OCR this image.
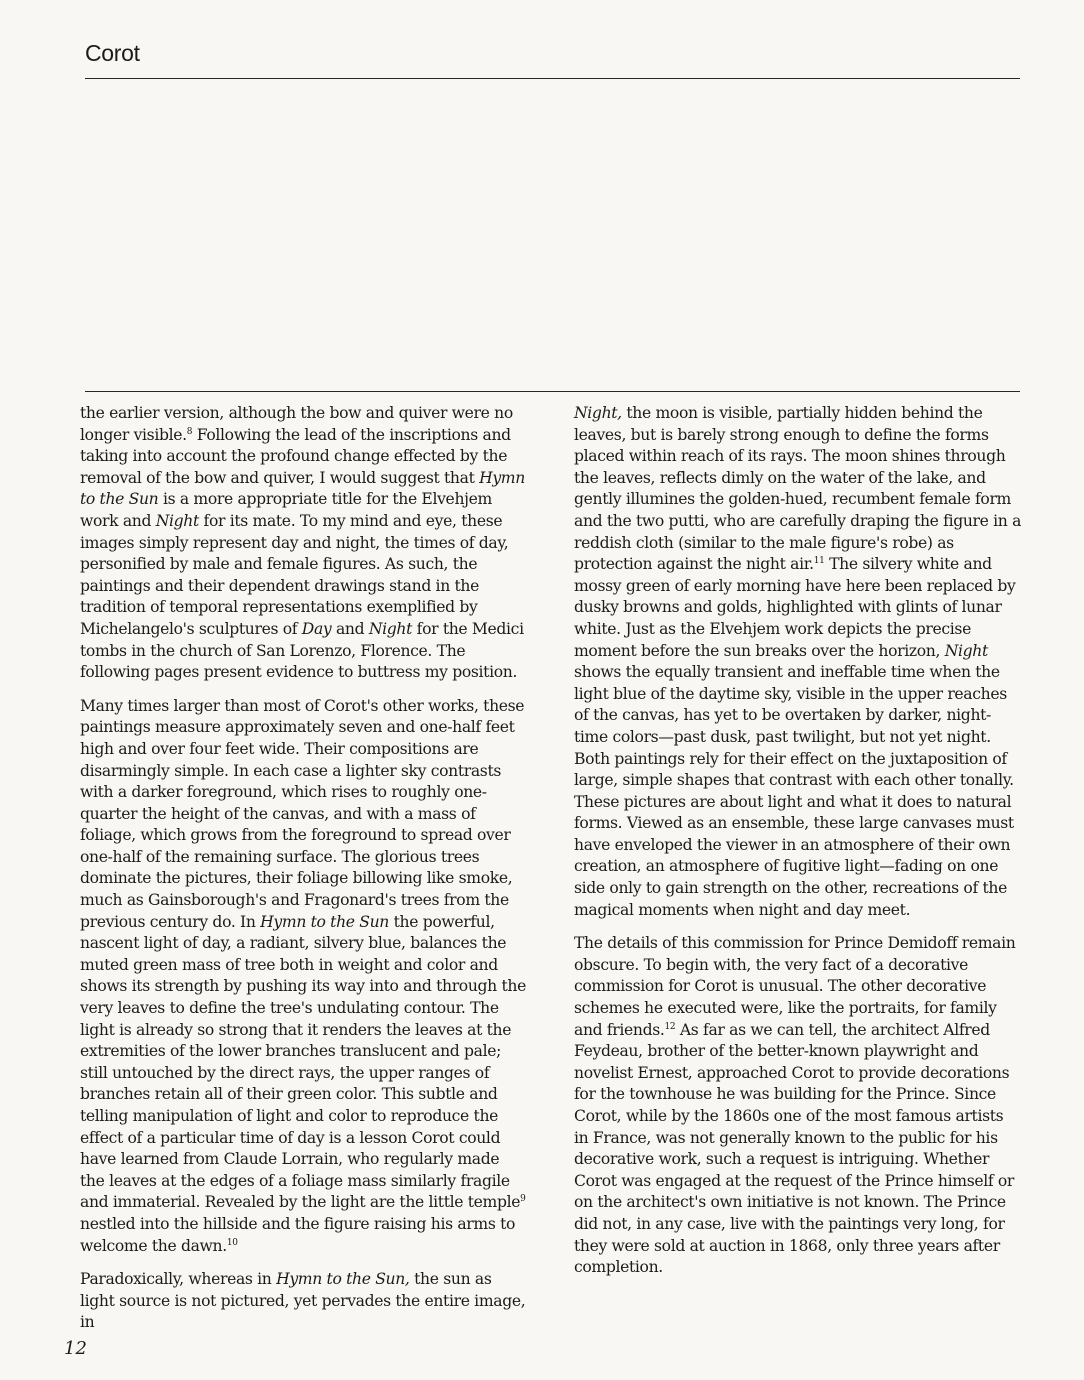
Corot

the earlier version, although the bow and quiver were no longer visible.$^8$ Following the lead of the inscriptions and taking into account the profound change effected by the removal of the bow and quiver, I would suggest that Hymn to the Sun is a more appropriate title for the Elvehjem work and Night for its mate. To my mind and eye, these images simply represent day and night, the times of day, personified by male and female figures. As such, the paintings and their dependent drawings stand in the tradition of temporal representations exemplified by Michelangelo's sculptures of Day and Night for the Medici tombs in the church of San Lorenzo, Florence. The following pages present evidence to buttress my position.

Many times larger than most of Corot's other works, these paintings measure approximately seven and one-half feet high and over four feet wide. Their compositions are disarmingly simple. In each case a lighter sky contrasts with a darker foreground, which rises to roughly one-quarter the height of the canvas, and with a mass of foliage, which grows from the foreground to spread over one-half of the remaining surface. The glorious trees dominate the pictures, their foliage billowing like smoke, much as Gainsborough's and Fragonard's trees from the previous century do. In Hymn to the Sun the powerful, nascent light of day, a radiant, silvery blue, balances the muted green mass of tree both in weight and color and shows its strength by pushing its way into and through the very leaves to define the tree's undulating contour. The light is already so strong that it renders the leaves at the extremities of the lower branches translucent and pale; still untouched by the direct rays, the upper ranges of branches retain all of their green color. This subtle and telling manipulation of light and color to reproduce the effect of a particular time of day is a lesson Corot could have learned from Claude Lorrain, who regularly made the leaves at the edges of a foliage mass similarly fragile and immaterial. Revealed by the light are the little temple$^9$ nestled into the hillside and the figure raising his arms to welcome the dawn.$^{10}$

Paradoxically, whereas in Hymn to the Sun, the sun as light source is not pictured, yet pervades the entire image, in

Night, the moon is visible, partially hidden behind the leaves, but is barely strong enough to define the forms placed within reach of its rays. The moon shines through the leaves, reflects dimly on the water of the lake, and gently illumines the golden-hued, recumbent female form and the two putti, who are carefully draping the figure in a reddish cloth (similar to the male figure's robe) as protection against the night air.$^{11}$ The silvery white and mossy green of early morning have here been replaced by dusky browns and golds, highlighted with glints of lunar white. Just as the Elvehjem work depicts the precise moment before the sun breaks over the horizon, Night shows the equally transient and ineffable time when the light blue of the daytime sky, visible in the upper reaches of the canvas, has yet to be overtaken by darker, night-time colors—past dusk, past twilight, but not yet night. Both paintings rely for their effect on the juxtaposition of large, simple shapes that contrast with each other tonally. These pictures are about light and what it does to natural forms. Viewed as an ensemble, these large canvases must have enveloped the viewer in an atmosphere of their own creation, an atmosphere of fugitive light—fading on one side only to gain strength on the other, recreations of the magical moments when night and day meet.

The details of this commission for Prince Demidoff remain obscure. To begin with, the very fact of a decorative commission for Corot is unusual. The other decorative schemes he executed were, like the portraits, for family and friends.$^{12}$ As far as we can tell, the architect Alfred Feydeau, brother of the better-known playwright and novelist Ernest, approached Corot to provide decorations for the townhouse he was building for the Prince. Since Corot, while by the 1860s one of the most famous artists in France, was not generally known to the public for his decorative work, such a request is intriguing. Whether Corot was engaged at the request of the Prince himself or on the architect's own initiative is not known. The Prince did not, in any case, live with the paintings very long, for they were sold at auction in 1868, only three years after completion.

12
